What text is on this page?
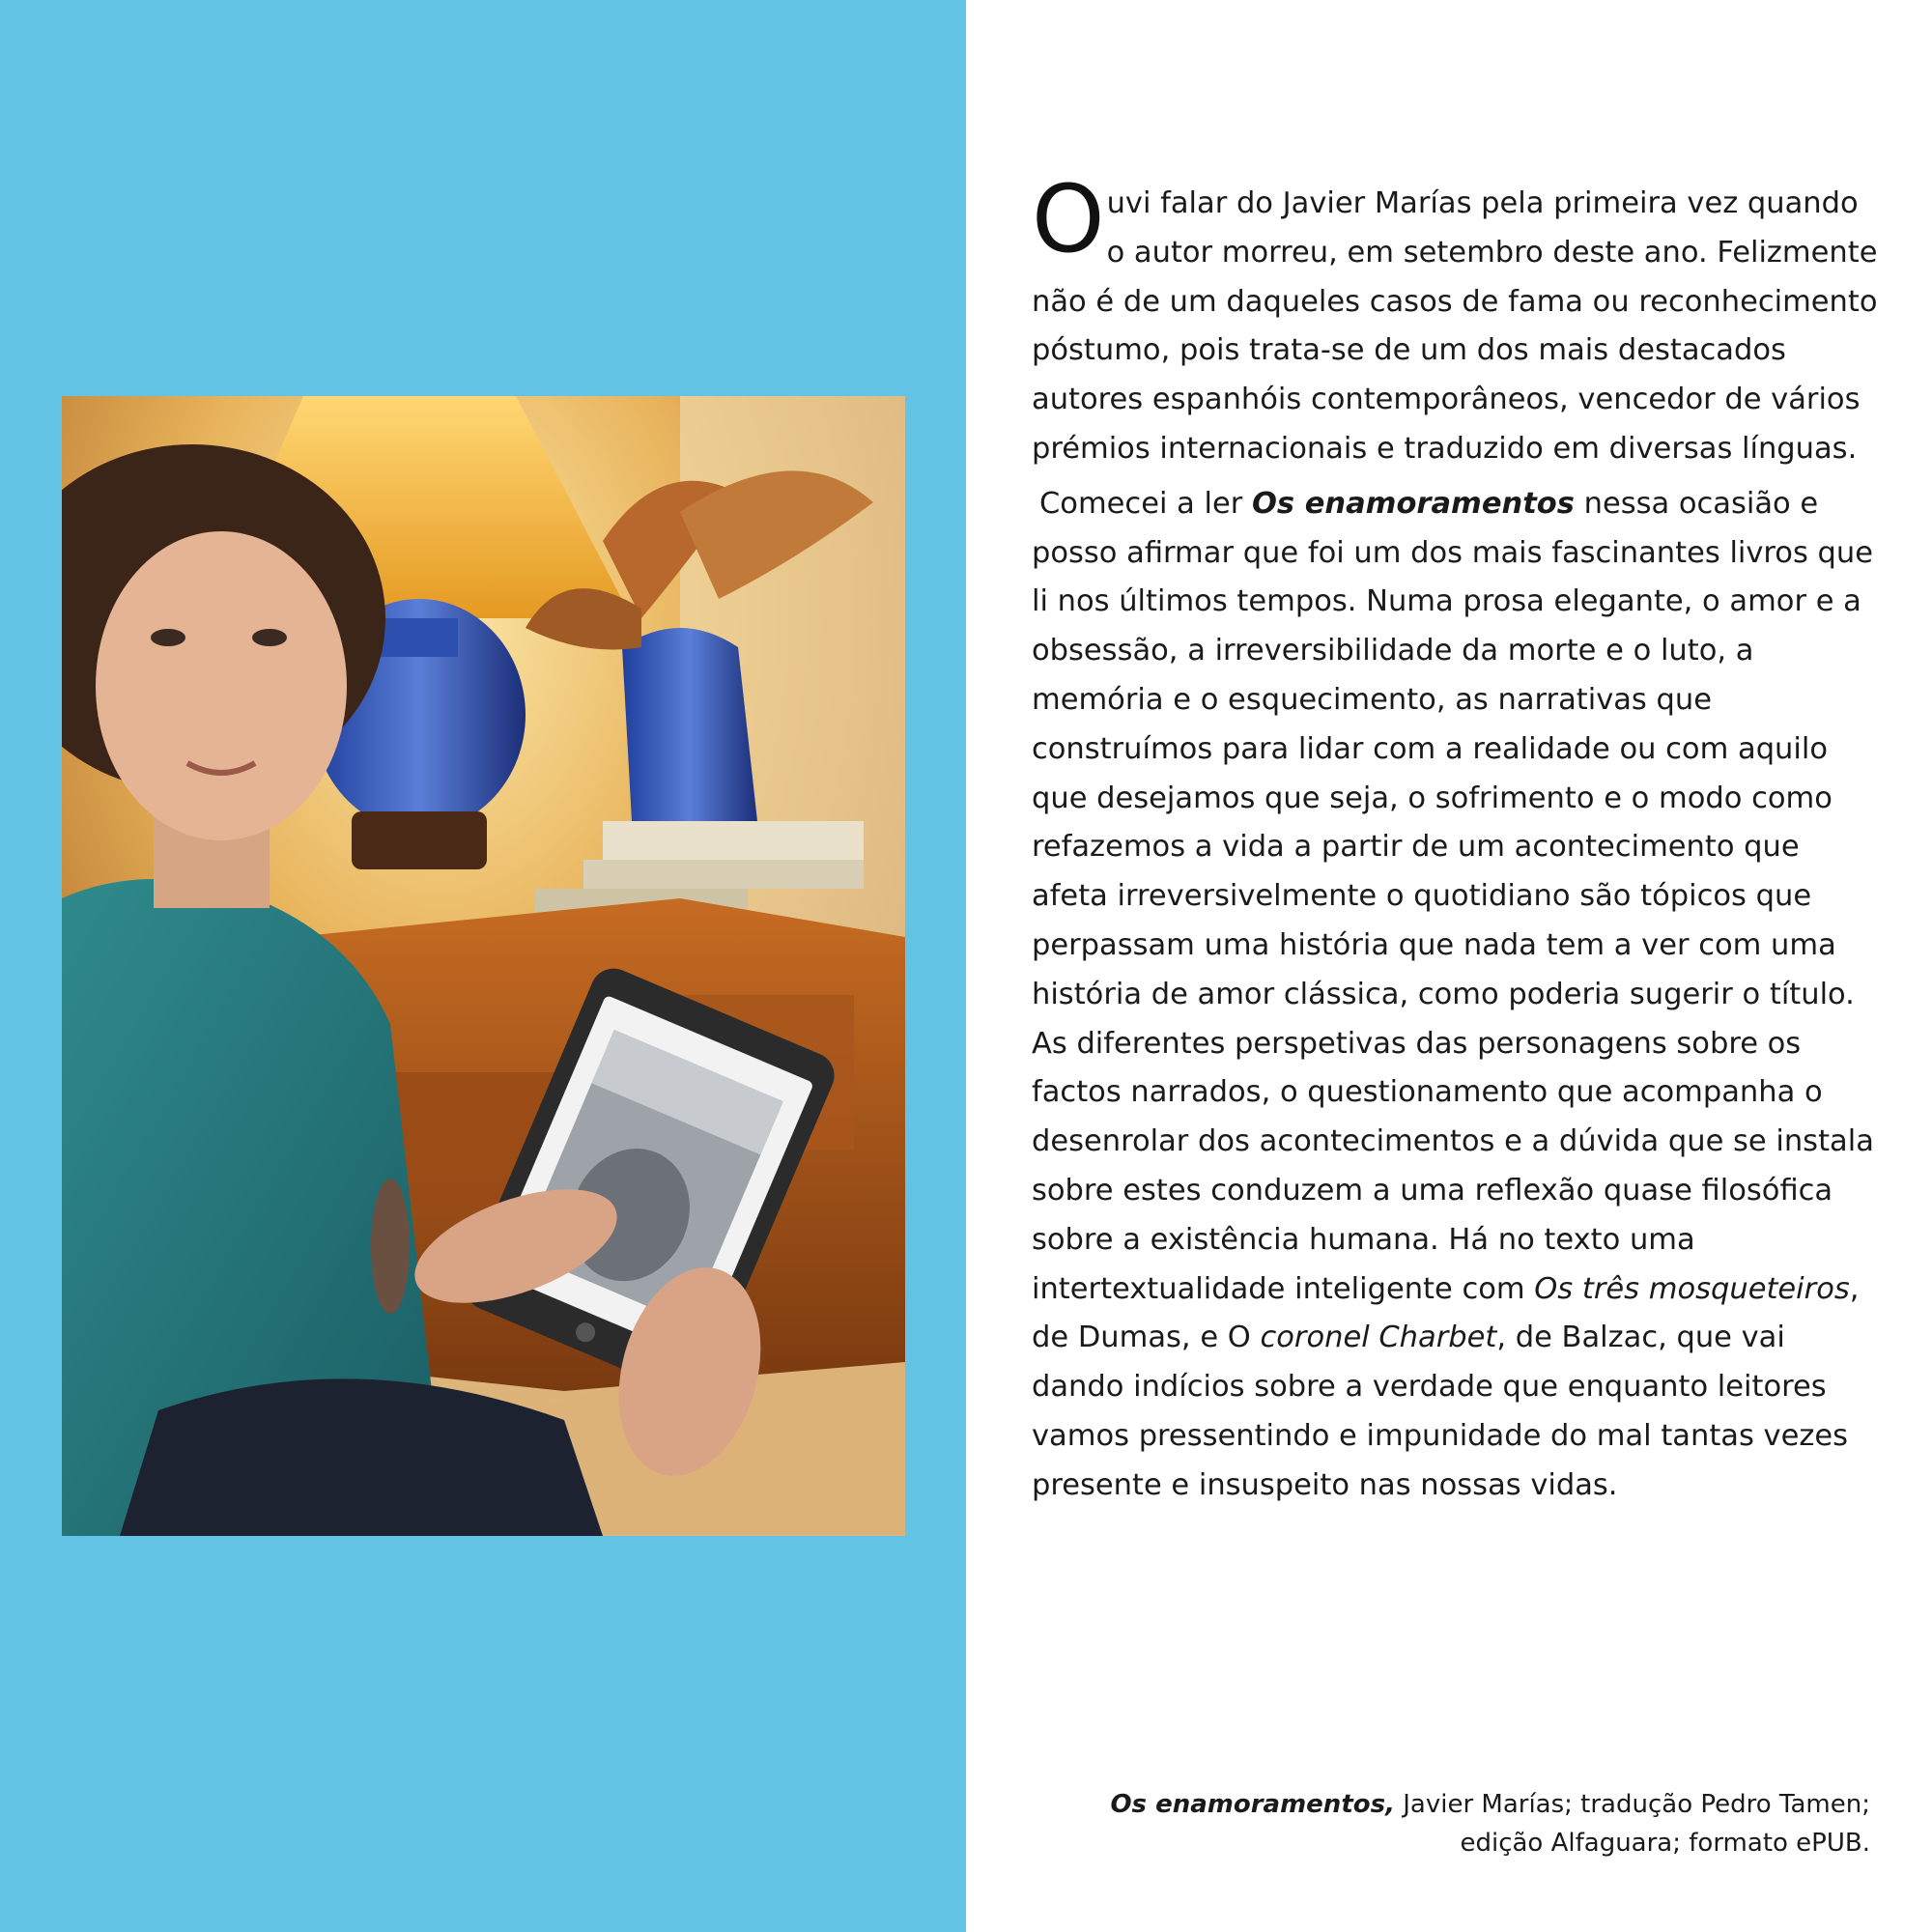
Ouvi falar do Javier Marías pela primeira vez quando o autor morreu, em setembro deste ano. Felizmente não é de um daqueles casos de fama ou reconhecimento póstumo, pois trata-se de um dos mais destacados autores espanhóis contemporâneos, vencedor de vários prémios internacionais e traduzido em diversas línguas.

Comecei a ler Os enamoramentos nessa ocasião e posso afirmar que foi um dos mais fascinantes livros que li nos últimos tempos. Numa prosa elegante, o amor e a obsessão, a irreversibilidade da morte e o luto, a memória e o esquecimento, as narrativas que construímos para lidar com a realidade ou com aquilo que desejamos que seja, o sofrimento e o modo como refazemos a vida a partir de um acontecimento que afeta irreversivelmente o quotidiano são tópicos que perpassam uma história que nada tem a ver com uma história de amor clássica, como poderia sugerir o título. As diferentes perspetivas das personagens sobre os factos narrados, o questionamento que acompanha o desenrolar dos acontecimentos e a dúvida que se instala sobre estes conduzem a uma reflexão quase filosófica sobre a existência humana. Há no texto uma intertextualidade inteligente com Os três mosqueteiros, de Dumas, e O coronel Charbet, de Balzac, que vai dando indícios sobre a verdade que enquanto leitores vamos pressentindo e impunidade do mal tantas vezes presente e insuspeito nas nossas vidas.

Os enamoramentos, Javier Marías; tradução Pedro Tamen;
edição Alfaguara; formato ePUB.
